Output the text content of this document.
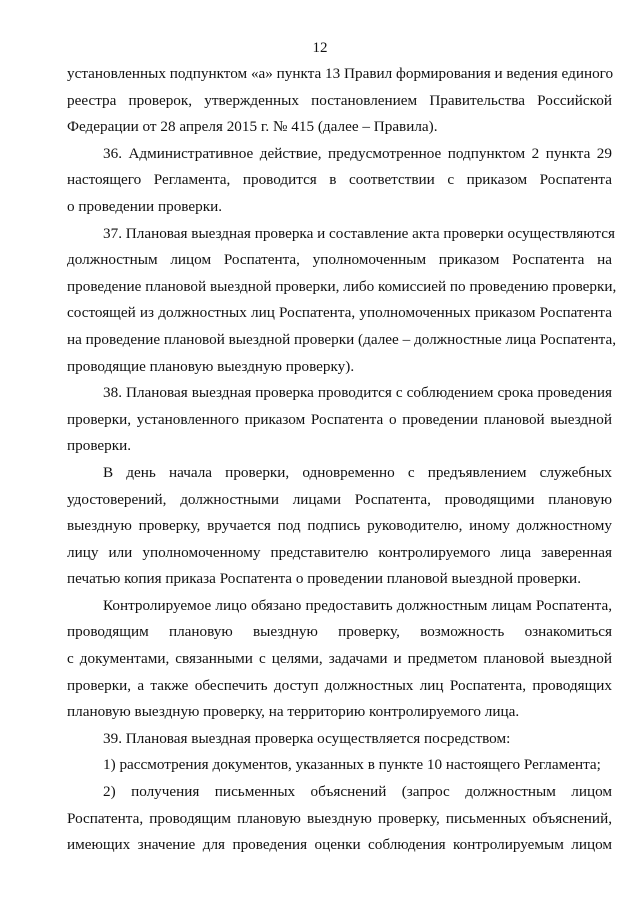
12
установленных подпунктом «а» пункта 13 Правил формирования и ведения единого
реестра проверок, утвержденных постановлением Правительства Российской
Федерации от 28 апреля 2015 г. № 415 (далее – Правила).
36. Административное действие, предусмотренное подпунктом 2 пункта 29
настоящего Регламента, проводится в соответствии с приказом Роспатента
о проведении проверки.
37. Плановая выездная проверка и составление акта проверки осуществляются
должностным лицом Роспатента, уполномоченным приказом Роспатента на
проведение плановой выездной проверки, либо комиссией по проведению проверки,
состоящей из должностных лиц Роспатента, уполномоченных приказом Роспатента
на проведение плановой выездной проверки (далее – должностные лица Роспатента,
проводящие плановую выездную проверку).
38. Плановая выездная проверка проводится с соблюдением срока проведения
проверки, установленного приказом Роспатента о проведении плановой выездной
проверки.
В день начала проверки, одновременно с предъявлением служебных
удостоверений, должностными лицами Роспатента, проводящими плановую
выездную проверку, вручается под подпись руководителю, иному должностному
лицу или уполномоченному представителю контролируемого лица заверенная
печатью копия приказа Роспатента о проведении плановой выездной проверки.
Контролируемое лицо обязано предоставить должностным лицам Роспатента,
проводящим плановую выездную проверку, возможность ознакомиться
с документами, связанными с целями, задачами и предметом плановой выездной
проверки, а также обеспечить доступ должностных лиц Роспатента, проводящих
плановую выездную проверку, на территорию контролируемого лица.
39. Плановая выездная проверка осуществляется посредством:
1) рассмотрения документов, указанных в пункте 10 настоящего Регламента;
2) получения письменных объяснений (запрос должностным лицом
Роспатента, проводящим плановую выездную проверку, письменных объяснений,
имеющих значение для проведения оценки соблюдения контролируемым лицом
